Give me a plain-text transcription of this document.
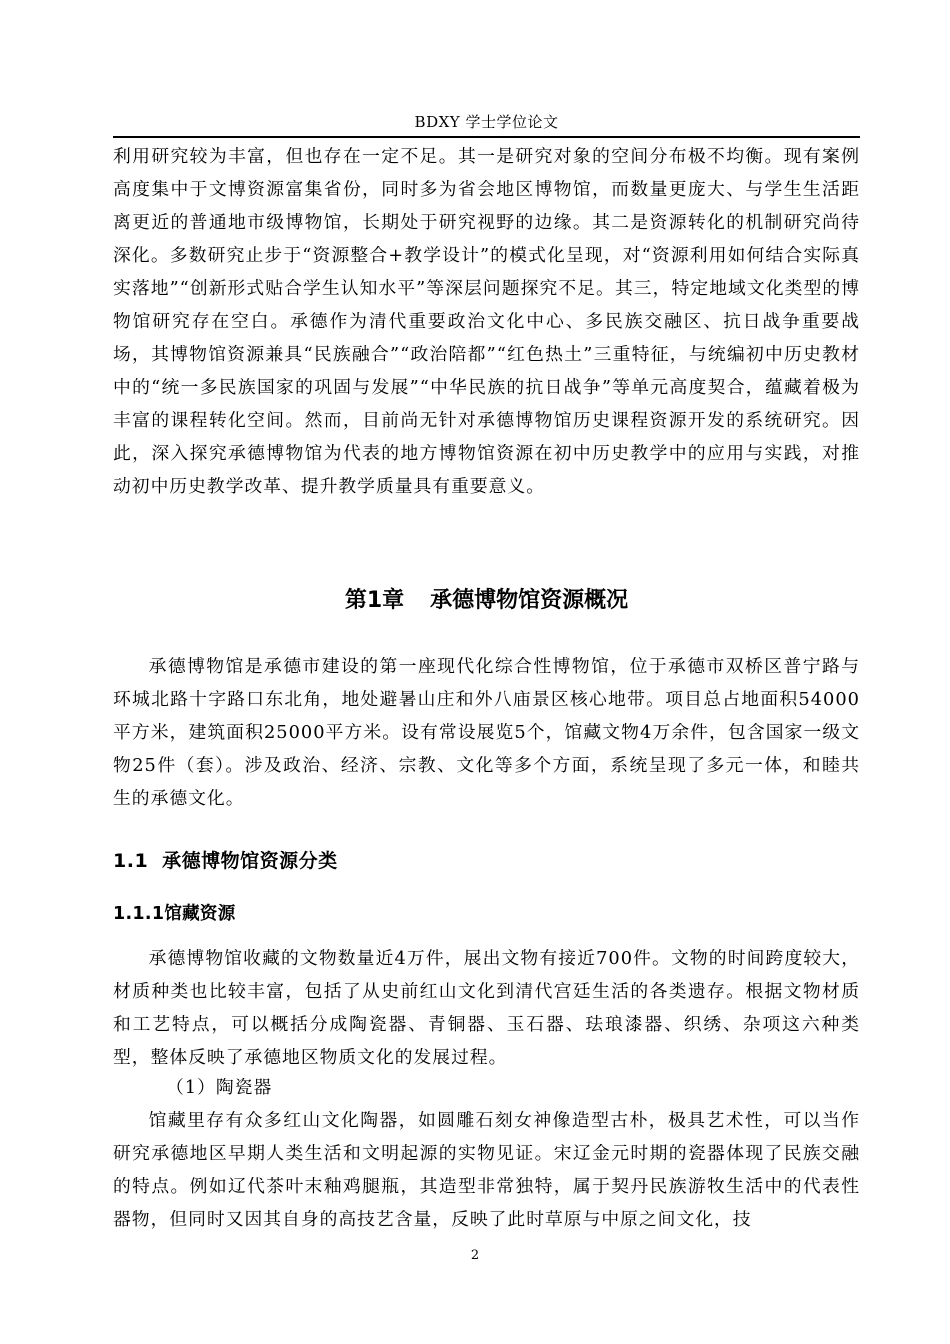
BDXY 学士学位论文

利用研究较为丰富，但也存在一定不足。其一是研究对象的空间分布极不均衡。现有案例高度集中于文博资源富集省份，同时多为省会地区博物馆，而数量更庞大、与学生生活距离更近的普通地市级博物馆，长期处于研究视野的边缘。其二是资源转化的机制研究尚待深化。多数研究止步于“资源整合+教学设计”的模式化呈现，对“资源利用如何结合实际真实落地”“创新形式贴合学生认知水平”等深层问题探究不足。其三，特定地域文化类型的博物馆研究存在空白。承德作为清代重要政治文化中心、多民族交融区、抗日战争重要战场，其博物馆资源兼具“民族融合”“政治陪都”“红色热土”三重特征，与统编初中历史教材中的“统一多民族国家的巩固与发展”“中华民族的抗日战争”等单元高度契合，蕴藏着极为丰富的课程转化空间。然而，目前尚无针对承德博物馆历史课程资源开发的系统研究。因此，深入探究承德博物馆为代表的地方博物馆资源在初中历史教学中的应用与实践，对推动初中历史教学改革、提升教学质量具有重要意义。

第1章 承德博物馆资源概况

承德博物馆是承德市建设的第一座现代化综合性博物馆，位于承德市双桥区普宁路与环城北路十字路口东北角，地处避暑山庄和外八庙景区核心地带。项目总占地面积54000平方米，建筑面积25000平方米。设有常设展览5个，馆藏文物4万余件，包含国家一级文物25件（套）。涉及政治、经济、宗教、文化等多个方面，系统呈现了多元一体，和睦共生的承德文化。

1.1 承德博物馆资源分类
1.1.1馆藏资源

承德博物馆收藏的文物数量近4万件，展出文物有接近700件。文物的时间跨度较大，材质种类也比较丰富，包括了从史前红山文化到清代宫廷生活的各类遗存。根据文物材质和工艺特点，可以概括分成陶瓷器、青铜器、玉石器、珐琅漆器、织绣、杂项这六种类型，整体反映了承德地区物质文化的发展过程。

（1）陶瓷器

馆藏里存有众多红山文化陶器，如圆雕石刻女神像造型古朴，极具艺术性，可以当作研究承德地区早期人类生活和文明起源的实物见证。宋辽金元时期的瓷器体现了民族交融的特点。例如辽代茶叶末釉鸡腿瓶，其造型非常独特，属于契丹民族游牧生活中的代表性器物，但同时又因其自身的高技艺含量，反映了此时草原与中原之间文化，技

2
